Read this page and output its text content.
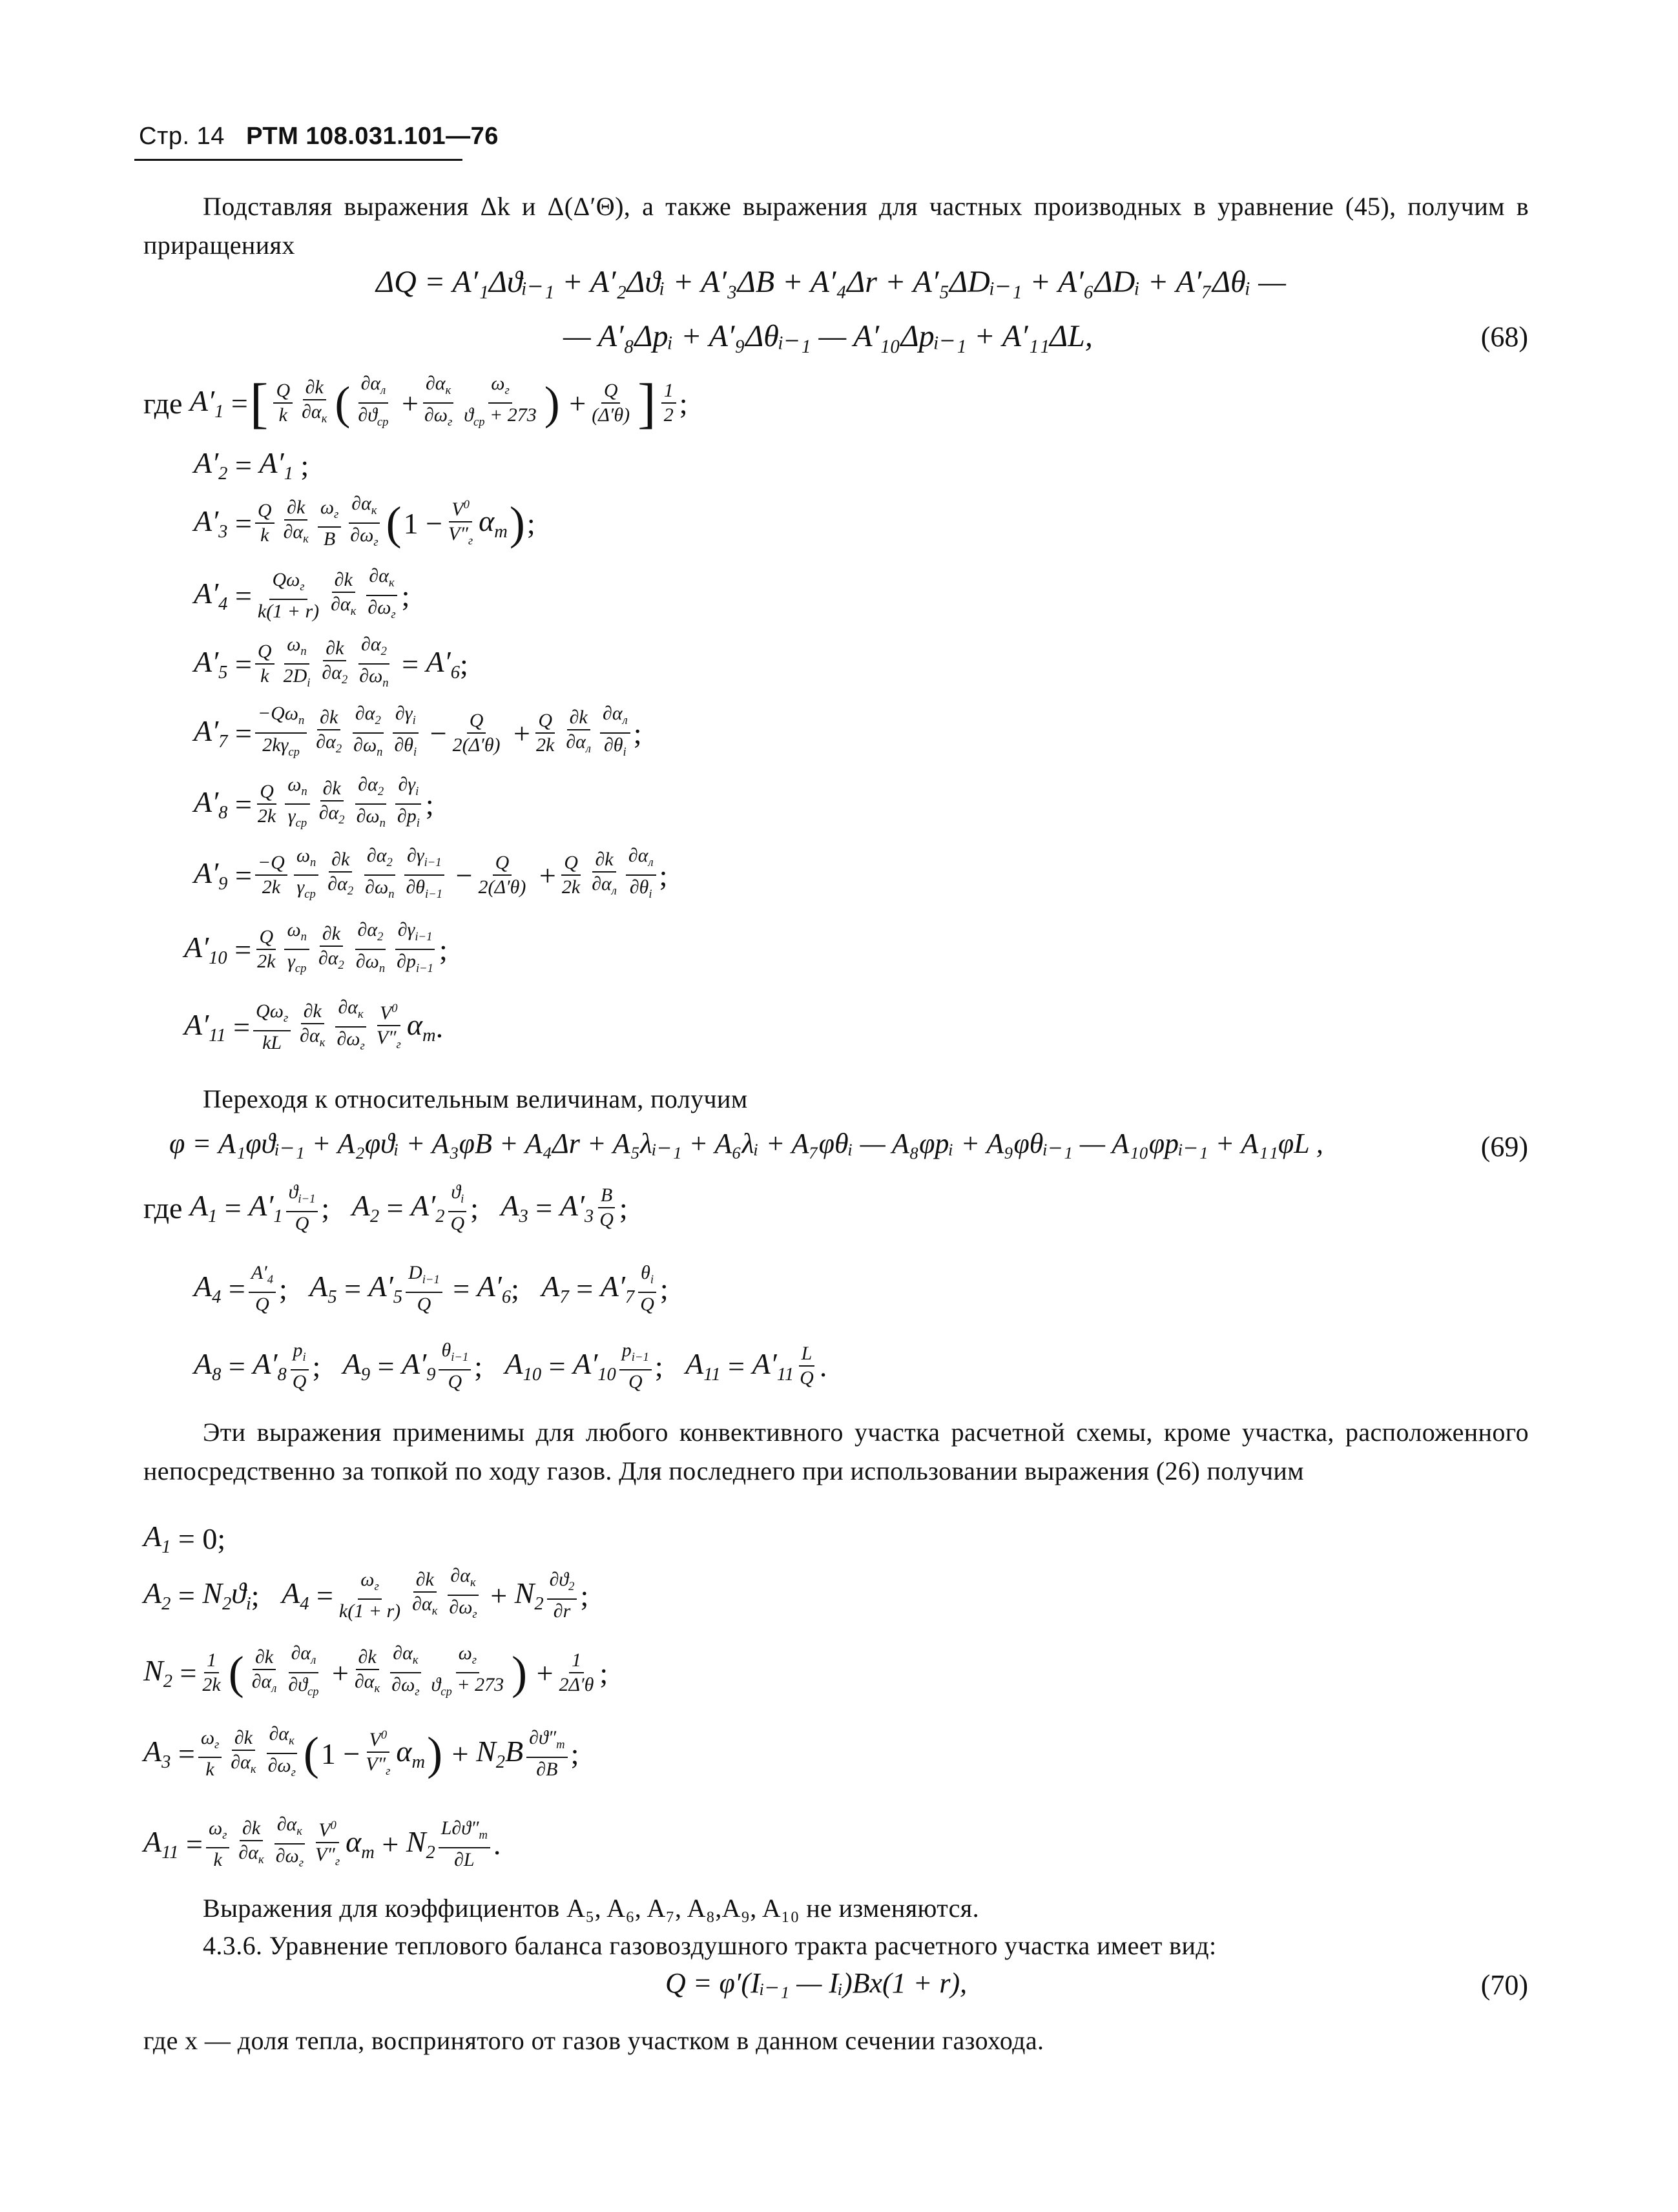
Стр. 14 РТМ 108.031.101—76
Подставляя выражения Δk и Δ(Δ′Θ), а также выражения для частных производных в уравнение (45), получим в приращениях
ΔQ = A′₁Δϑᵢ₋₁ + A′₂Δϑᵢ + A′₃ΔB + A′₄Δr + A′₅ΔDᵢ₋₁ + A′₆ΔDᵢ + A′₇Δθᵢ —
— A′₈Δpᵢ + A′₉Δθᵢ₋₁ — A′₁₀Δpᵢ₋₁ + A′₁₁ΔL,	(68)
где
$A'_1$ = [ Q
k
∂k
$\partial\alpha_к$ ( $\partial\alpha_л$
$\partial ϑ_{ср}$
+
$\partial\alpha_к$
$\partial\omega_г$
$\omega_г$
$ϑ_{ср} + 273$ ) + Q
(Δ′θ) ] 1
2 ;
$A'_2 = A'_1$ ;
$A'_3 = Q$
k
∂k
$\partial\alpha_к$
$\omega_г$
B
$\partial\alpha_к$
$\partial\omega_г$ ( $1 - V^0$
$V''_г$
$\alpha_т$ ) ;
$A'_4 = Q\omega_г$
k(1 + r)
∂k
$\partial\alpha_к$
$\partial\alpha_к$
$\partial\omega_г$
;
$A'_5 = Q$
k
$\omega_п$
$2D_i$
∂k
$\partial\alpha_2$
$\partial\alpha_2$
$\partial\omega_п$
= $A'_6$ ;
$A'_7$ =
$-Q\omega_п$
$2k\gamma_{ср}$
∂k
$\partial\alpha_2$
$\partial\alpha_2$
$\partial\omega_п$
$\partial\gamma_i$
$\partial\theta_i$
− Q
2(Δ′θ) + Q
2k
∂k
$\partial\alpha_л$
$\partial\alpha_л$
$\partial\theta_i$
;
$A'_8 = Q$
2k
$\omega_п$
$\gamma_{ср}$
∂k
$\partial\alpha_2$
$\partial\alpha_2$
$\partial\omega_п$
$\partial\gamma_i$
$\partial p_i$
;
$A'_9 = -Q$
2k
$\omega_п$
$\gamma_{ср}$
∂k
$\partial\alpha_2$
$\partial\alpha_2$
$\partial\omega_п$
$\partial\gamma_{i-1}$
$\partial\theta_{i-1}$
− Q
2(Δ′θ) + Q
2k
∂k
$\partial\alpha_л$
$\partial\alpha_л$
$\partial\theta_i$
;
$A'_{10} = Q$
2k
$\omega_п$
$\gamma_{ср}$
∂k
$\partial\alpha_2$
$\partial\alpha_2$
$\partial\omega_п$
$\partial\gamma_{i-1}$
$\partial p_{i-1}$
;
$A'_{11} = Q\omega_г$
kL
∂k
$\partial\alpha_к$
$\partial\alpha_к$
$\partial\omega_г$
$V^0$
$V''_г$
$\alpha_т$ .
Переходя к относительным величинам, получим
φ = A₁φϑᵢ₋₁ + A₂φϑᵢ + A₃φB + A₄Δr + A₅λᵢ₋₁ + A₆λᵢ + A₇φθᵢ — A₈φpᵢ + A₉φθᵢ₋₁ — A₁₀φpᵢ₋₁ + A₁₁φL ,	(69)
где
$A_1 = A'_1$
$ϑ_{i-1}$
Q ; $A_2 = A'_2$
$ϑ_i$
Q ; $A_3 = A'_3$
B
Q ;
$A_4 = A'_4$
Q ; $A_5 = A'_5$
$D_{i-1}$
$Q = A'_6$ ; $A_7 = A'_7$
$\theta_i$
Q ;
$A_8 = A'_8$
$p_i$
Q ; $A_9 = A'_9$
$\theta_{i-1}$
Q ; $A_{10} = A'_{10}$
$p_{i-1}$
Q ; $A_{11} = A'_{11}$
L
Q .
Эти выражения применимы для любого конвективного участка расчетной схемы, кроме участка, расположенного непосредственно за топкой по ходу газов. Для последнего при использовании выражения (26) получим
$A_1 = 0$;
$A_2 = N_2ϑ_i$ ; $A_4 = \omega_г$
k(1 + r)
∂k
$\partial\alpha_к$
$\partial\alpha_к$
$\partial\omega_г$
+ $N_2$
$\partial ϑ_2$
∂r ;
$N_2 = 1$
2k ( ∂k
$\partial\alpha_л$
$\partial\alpha_л$
$\partial ϑ_{ср}$
+ ∂k
$\partial\alpha_к$
$\partial\alpha_к$
$\partial\omega_г$
$\omega_г$
$ϑ_{ср} + 273$ ) + 1
2Δ′θ ;
$A_3 = \omega_г$
k
∂k
$\partial\alpha_к$
$\partial\alpha_к$
$\partial\omega_г$ ( $1 - V^0$
$V''_г$
$\alpha_т$ ) + $N_2B$ $\partial ϑ''_т$
∂B ;
$A_{11} = \omega_г$
k
∂k
$\partial\alpha_к$
$\partial\alpha_к$
$\partial\omega_г$
$V^0$
$V''_г$
$\alpha_т + N_2$
$L\partial ϑ''_т$
∂L .
Выражения для коэффициентов A₅, A₆, A₇, A₈,A₉, A₁₀ не изменяются.
4.3.6. Уравнение теплового баланса газовоздушного тракта расчетного участка имеет вид:
Q = φ′(Iᵢ₋₁ — Iᵢ)Bx(1 + r),	(70)
где x — доля тепла, воспринятого от газов участком в данном сечении газохода.
